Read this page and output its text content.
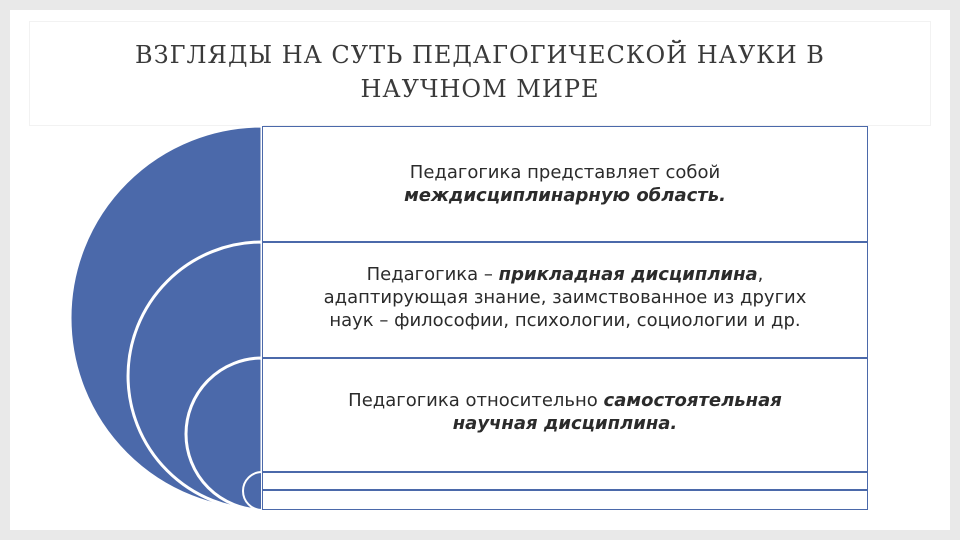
ВЗГЛЯДЫ НА СУТЬ ПЕДАГОГИЧЕСКОЙ НАУКИ В НАУЧНОМ МИРЕ

Педагогика представляет собой
междисциплинарную область.

Педагогика – прикладная дисциплина,
адаптирующая знание, заимствованное из других
наук – философии, психологии, социологии и др.

Педагогика относительно самостоятельная
научная дисциплина.
